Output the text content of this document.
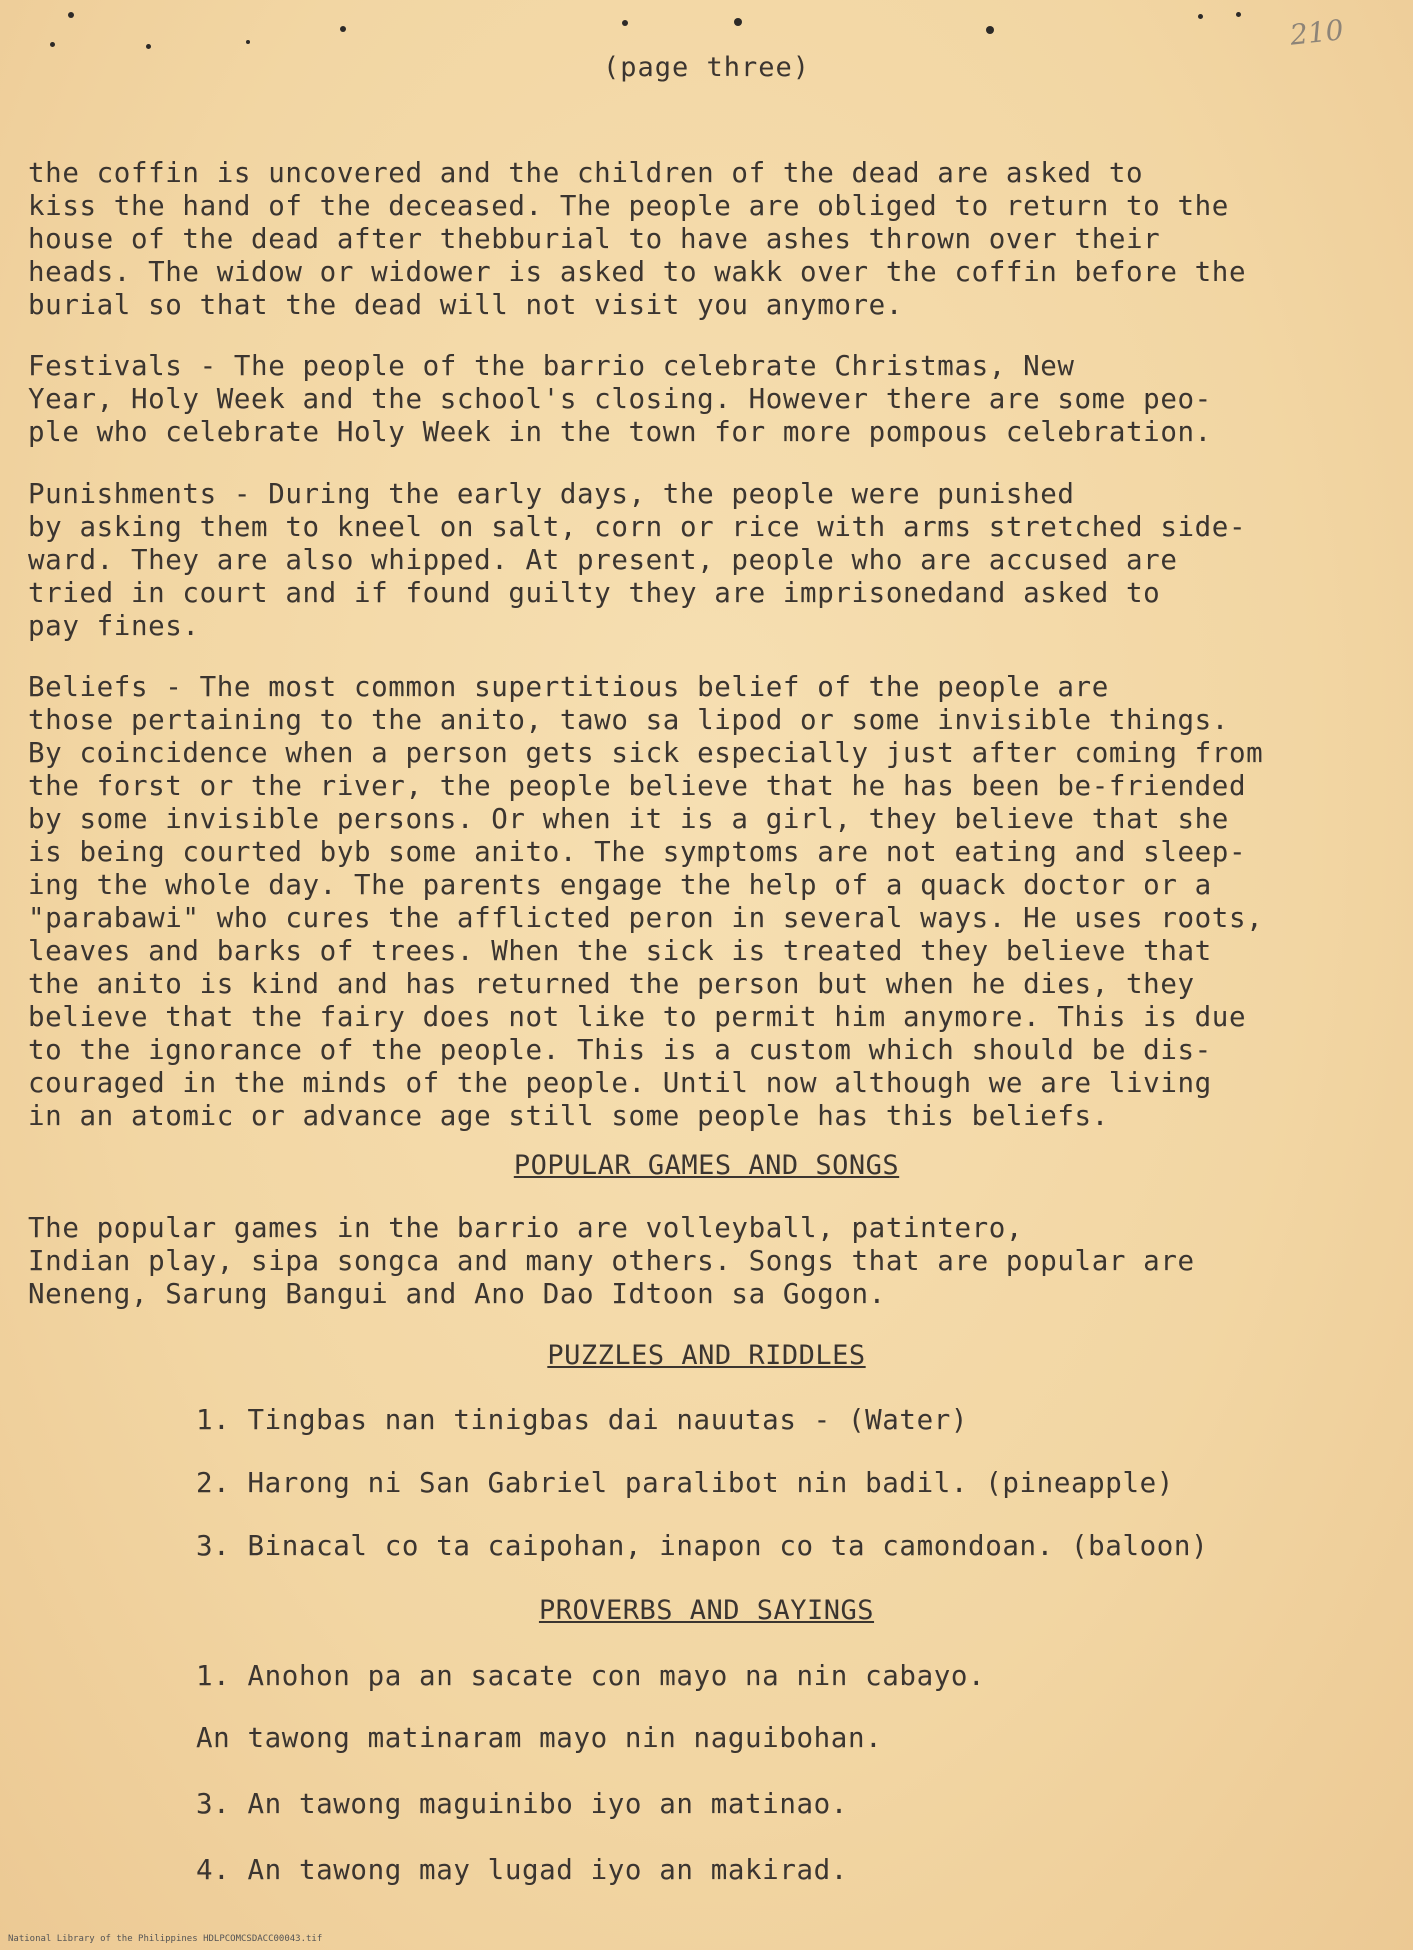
210
(page three)
the coffin is uncovered and the children of the dead are asked to
kiss the hand of the deceased. The people are obliged to return to the
house of the dead after thebburial to have ashes thrown over their
heads. The widow or widower is asked to wakk over the coffin before the
burial so that the dead will not visit you anymore.
Festivals - The people of the barrio celebrate Christmas, New
Year, Holy Week and the school's closing. However there are some peo-
ple who celebrate Holy Week in the town for more pompous celebration.
Punishments - During the early days, the people were punished
by asking them to kneel on salt, corn or rice with arms stretched side-
ward. They are also whipped. At present, people who are accused are
tried in court and if found guilty they are imprisonedand asked to
pay fines.
Beliefs - The most common supertitious belief of the people are
those pertaining to the anito, tawo sa lipod or some invisible things.
By coincidence when a person gets sick especially just after coming from
the forst or the river, the people believe that he has been be-friended
by some invisible persons. Or when it is a girl, they believe that she
is being courted byb some anito. The symptoms are not eating and sleep-
ing the whole day. The parents engage the help of a quack doctor or a
"parabawi" who cures the afflicted peron in several ways. He uses roots,
leaves and barks of trees. When the sick is treated they believe that
the anito is kind and has returned the person but when he dies, they
believe that the fairy does not like to permit him anymore. This is due
to the ignorance of the people. This is a custom which should be dis-
couraged in the minds of the people. Until now although we are living
in an atomic or advance age still some people has this beliefs.
POPULAR GAMES AND SONGS
The popular games in the barrio are volleyball, patintero,
Indian play, sipa songca and many others. Songs that are popular are
Neneng, Sarung Bangui and Ano Dao Idtoon sa Gogon.
PUZZLES AND RIDDLES
1. Tingbas nan tinigbas dai nauutas - (Water)
2. Harong ni San Gabriel paralibot nin badil. (pineapple)
3. Binacal co ta caipohan, inapon co ta camondoan. (baloon)
PROVERBS AND SAYINGS
1. Anohon pa an sacate con mayo na nin cabayo.
An tawong matinaram mayo nin naguibohan.
3. An tawong maguinibo iyo an matinao.
4. An tawong may lugad iyo an makirad.
National Library of the Philippines HDLPCOMCSDACC00043.tif
